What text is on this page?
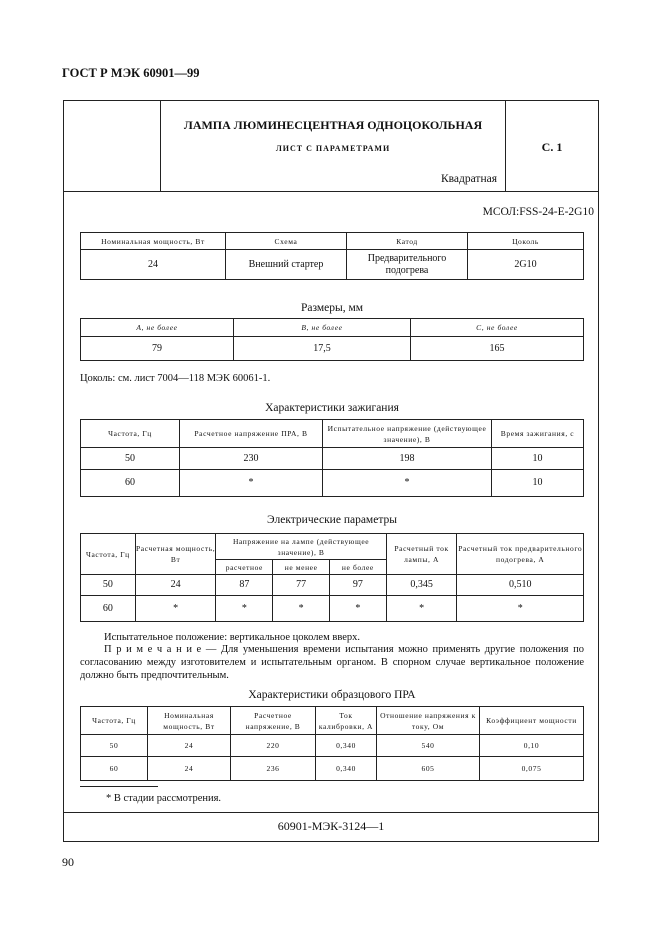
ГОСТ Р МЭК 60901—99
ЛАМПА ЛЮМИНЕСЦЕНТНАЯ ОДНОЦОКОЛЬНАЯ
ЛИСТ С ПАРАМЕТРАМИ
Квадратная
С. 1
МСОЛ:FSS-24-E-2G10
Номинальная мощность, Вт	Схема	Катод	Цоколь
24	Внешний стартер	Предварительного подогрева	2G10
Размеры, мм
А, не более	В, не более	С, не более
79	17,5	165
Цоколь: см. лист 7004—118 МЭК 60061-1.
Характеристики зажигания
Частота, Гц	Расчетное напряжение ПРА, В	Испытательное напряжение (действующее значение), В	Время зажигания, с
50	230	198	10
60	*	*	10
Электрические параметры
Частота, Гц	Расчетная мощность, Вт	Напряжение на лампе (действующее значение), В			Расчетный ток лампы, А	Расчетный ток предварительного подогрева, А
		расчетное	не менее	не более		
50	24	87	77	97	0,345	0,510
60	*	*	*	*	*	*
Испытательное положение: вертикальное цоколем вверх.
П р и м е ч а н и е — Для уменьшения времени испытания можно применять другие положения по согласованию между изготовителем и испытательным органом. В спорном случае вертикальное положение должно быть предпочтительным.
Характеристики образцового ПРА
Частота, Гц	Номинальная мощность, Вт	Расчетное напряжение, В	Ток калибровки, А	Отношение напряжения к току, Ом	Коэффициент мощности
50	24	220	0,340	540	0,10
60	24	236	0,340	605	0,075
* В стадии рассмотрения.
60901-МЭК-3124—1
90
